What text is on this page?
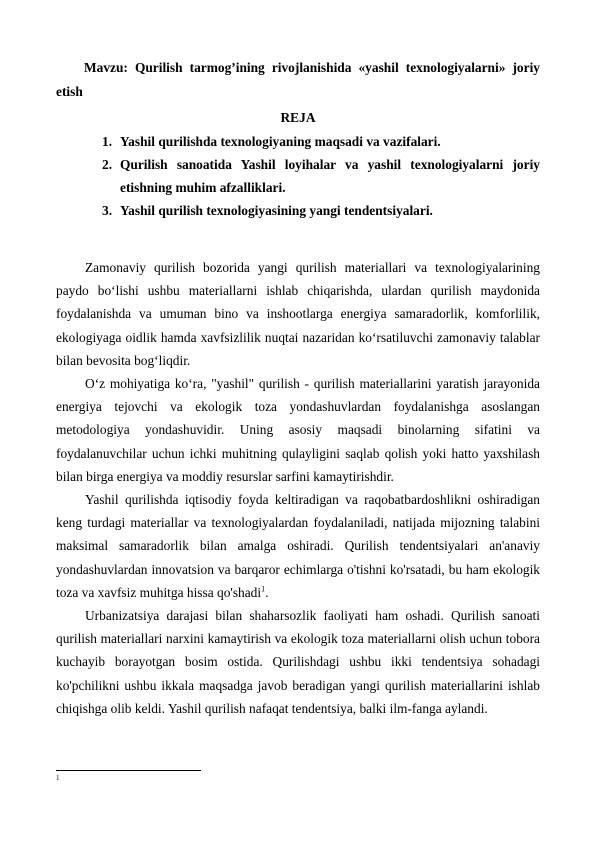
Mavzu: Qurilish tarmog’ining rivojlanishida «yashil texnologiyalarni» joriy etish

REJA
1. Yashil qurilishda texnologiyaning maqsadi va vazifalari.
2. Qurilish sanoatida Yashil loyihalar va yashil texnologiyalarni joriy etishning muhim afzalliklari.
3. Yashil qurilish texnologiyasining yangi tendentsiyalari.

Zamonaviy qurilish bozorida yangi qurilish materiallari va texnologiyalarining paydo bo‘lishi ushbu materiallarni ishlab chiqarishda, ulardan qurilish maydonida foydalanishda va umuman bino va inshootlarga energiya samaradorlik, komforlilik, ekologiyaga oidlik hamda xavfsizlilik nuqtai nazaridan ko‘rsatiluvchi zamonaviy talablar bilan bevosita bog‘liqdir.

O‘z mohiyatiga ko‘ra, "yashil" qurilish - qurilish materiallarini yaratish jarayonida energiya tejovchi va ekologik toza yondashuvlardan foydalanishga asoslangan metodologiya yondashuvidir. Uning asosiy maqsadi binolarning sifatini va foydalanuvchilar uchun ichki muhitning qulayligini saqlab qolish yoki hatto yaxshilash bilan birga energiya va moddiy resurslar sarfini kamaytirishdir.

Yashil qurilishda iqtisodiy foyda keltiradigan va raqobatbardoshlikni oshiradigan keng turdagi materiallar va texnologiyalardan foydalaniladi, natijada mijozning talabini maksimal samaradorlik bilan amalga oshiradi. Qurilish tendentsiyalari an'anaviy yondashuvlardan innovatsion va barqaror echimlarga o'tishni ko'rsatadi, bu ham ekologik toza va xavfsiz muhitga hissa qo'shadi$^1$.

Urbanizatsiya darajasi bilan shaharsozlik faoliyati ham oshadi. Qurilish sanoati qurilish materiallari narxini kamaytirish va ekologik toza materiallarni olish uchun tobora kuchayib borayotgan bosim ostida. Qurilishdagi ushbu ikki tendentsiya sohadagi ko'pchilikni ushbu ikkala maqsadga javob beradigan yangi qurilish materiallarini ishlab chiqishga olib keldi. Yashil qurilish nafaqat tendentsiya, balki ilm-fanga aylandi.

1
